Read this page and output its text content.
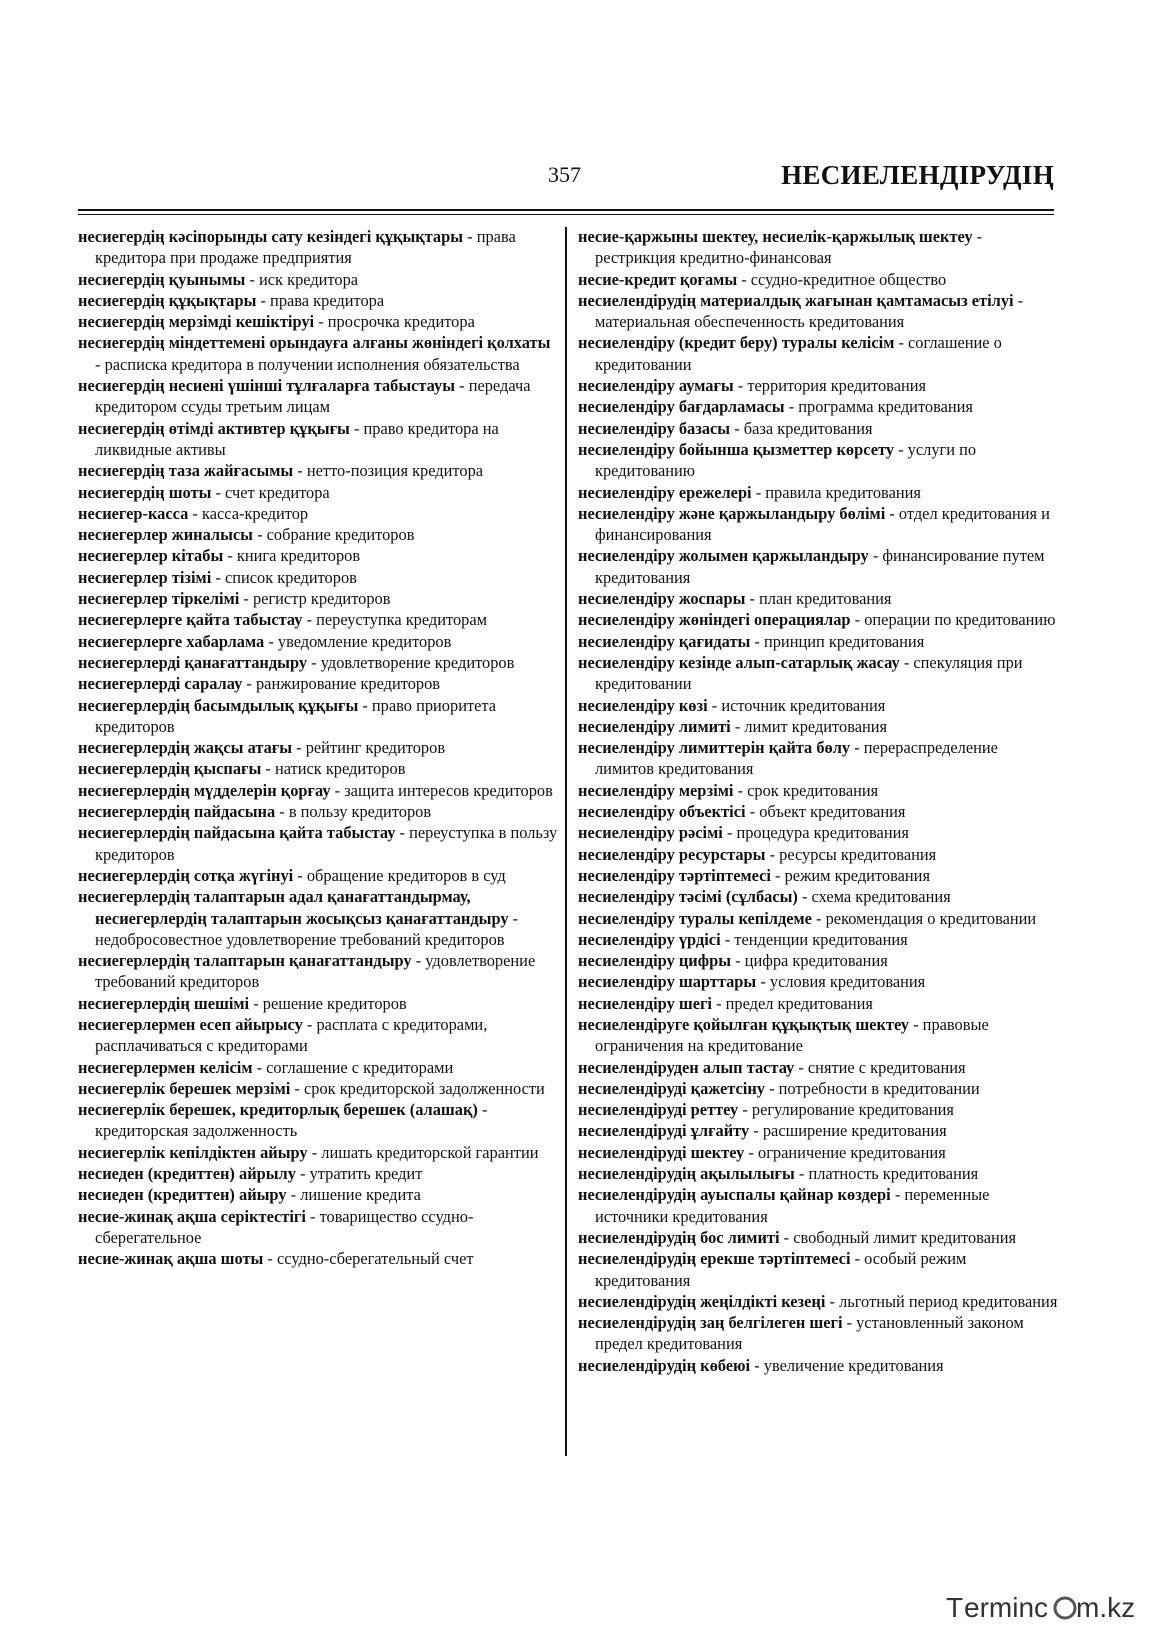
357	НЕСИЕЛЕНДІРУДІҢ
несиегердің кәсіпорынды сату кезіндегі құқықтары - права кредитора при продаже предприятия
несиегердің қуынымы - иск кредитора
несиегердің құқықтары - права кредитора
несиегердің мерзімді кешіктіруі - просрочка кредитора
несиегердің міндеттемені орындауға алғаны жөніндегі қолхаты - расписка кредитора в получении исполнения обязательства
несиегердің несиені үшінші тұлғаларға табыстауы - передача кредитором ссуды третьим лицам
несиегердің өтімді активтер құқығы - право кредитора на ликвидные активы
несиегердің таза жайғасымы - нетто-позиция кредитора
несиегердің шоты - счет кредитора
несиегер-касса - касса-кредитор
несиегерлер жиналысы - собрание кредиторов
несиегерлер кітабы - книга кредиторов
несиегерлер тізімі - список кредиторов
несиегерлер тіркелімі - регистр кредиторов
несиегерлерге қайта табыстау - переуступка кредиторам
несиегерлерге хабарлама - уведомление кредиторов
несиегерлерді қанағаттандыру - удовлетворение кредиторов
несиегерлерді саралау - ранжирование кредиторов
несиегерлердің басымдылық құқығы - право приоритета кредиторов
несиегерлердің жақсы атағы - рейтинг кредиторов
несиегерлердің қыспағы - натиск кредиторов
несиегерлердің мүдделерін қорғау - защита интересов кредиторов
несиегерлердің пайдасына - в пользу кредиторов
несиегерлердің пайдасына қайта табыстау - переуступка в пользу кредиторов
несиегерлердің сотқа жүгінуі - обращение кредиторов в суд
несиегерлердің талаптарын адал қанағаттандырмау, несиегерлердің талаптарын жосықсыз қанағаттандыру - недобросовестное удовлетворение требований кредиторов
несиегерлердің талаптарын қанағаттандыру - удовлетворение требований кредиторов
несиегерлердің шешімі - решение кредиторов
несиегерлермен есеп айырысу - расплата с кредиторами, расплачиваться с кредиторами
несиегерлермен келісім - соглашение с кредиторами
несиегерлік берешек мерзімі - срок кредиторской задолженности
несиегерлік берешек, кредиторлық берешек (алашақ) - кредиторская задолженность
несиегерлік кепілдіктен айыру - лишать кредиторской гарантии
несиеден (кредиттен) айрылу - утратить кредит
несиеден (кредиттен) айыру - лишение кредита
несие-жинақ ақша серіктестігі - товарищество ссудно-сберегательное
несие-жинақ ақша шоты - ссудно-сберегательный счет
несие-қаржыны шектеу, несиелік-қаржылық шектеу - рестрикция кредитно-финансовая
несие-кредит қоғамы - ссудно-кредитное общество
несиелендірудің материалдық жағынан қамтамасыз етілуі - материальная обеспеченность кредитования
несиелендіру (кредит беру) туралы келісім - соглашение о кредитовании
несиелендіру аумағы - территория кредитования
несиелендіру бағдарламасы - программа кредитования
несиелендіру базасы - база кредитования
несиелендіру бойынша қызметтер көрсету - услуги по кредитованию
несиелендіру ережелері - правила кредитования
несиелендіру және қаржыландыру бөлімі - отдел кредитования и финансирования
несиелендіру жолымен қаржыландыру - финансирование путем кредитования
несиелендіру жоспары - план кредитования
несиелендіру жөніндегі операциялар - операции по кредитованию
несиелендіру қағидаты - принцип кредитования
несиелендіру кезінде алып-сатарлық жасау - спекуляция при кредитовании
несиелендіру көзі - источник кредитования
несиелендіру лимиті - лимит кредитования
несиелендіру лимиттерін қайта бөлу - перераспределение лимитов кредитования
несиелендіру мерзімі - срок кредитования
несиелендіру объектісі - объект кредитования
несиелендіру рәсімі - процедура кредитования
несиелендіру ресурстары - ресурсы кредитования
несиелендіру тәртіптемесі - режим кредитования
несиелендіру тәсімі (сұлбасы) - схема кредитования
несиелендіру туралы кепілдеме - рекомендация о кредитовании
несиелендіру үрдісі - тенденции кредитования
несиелендіру цифры - цифра кредитования
несиелендіру шарттары - условия кредитования
несиелендіру шегі - предел кредитования
несиелендіруге қойылған құқықтық шектеу - правовые ограничения на кредитование
несиелендіруден алып тастау - снятие с кредитования
несиелендіруді қажетсіну - потребности в кредитовании
несиелендіруді реттеу - регулирование кредитования
несиелендіруді ұлғайту - расширение кредитования
несиелендіруді шектеу - ограничение кредитования
несиелендірудің ақылылығы - платность кредитования
несиелендірудің ауыспалы қайнар көздері - переменные источники кредитования
несиелендірудің бос лимиті - свободный лимит кредитования
несиелендірудің ерекше тәртіптемесі - особый режим кредитования
несиелендірудің жеңілдікті кезеңі - льготный период кредитования
несиелендірудің заң белгілеген шегі - установленный законом предел кредитования
несиелендірудің көбеюі - увеличение кредитования
T erminc m.kz
